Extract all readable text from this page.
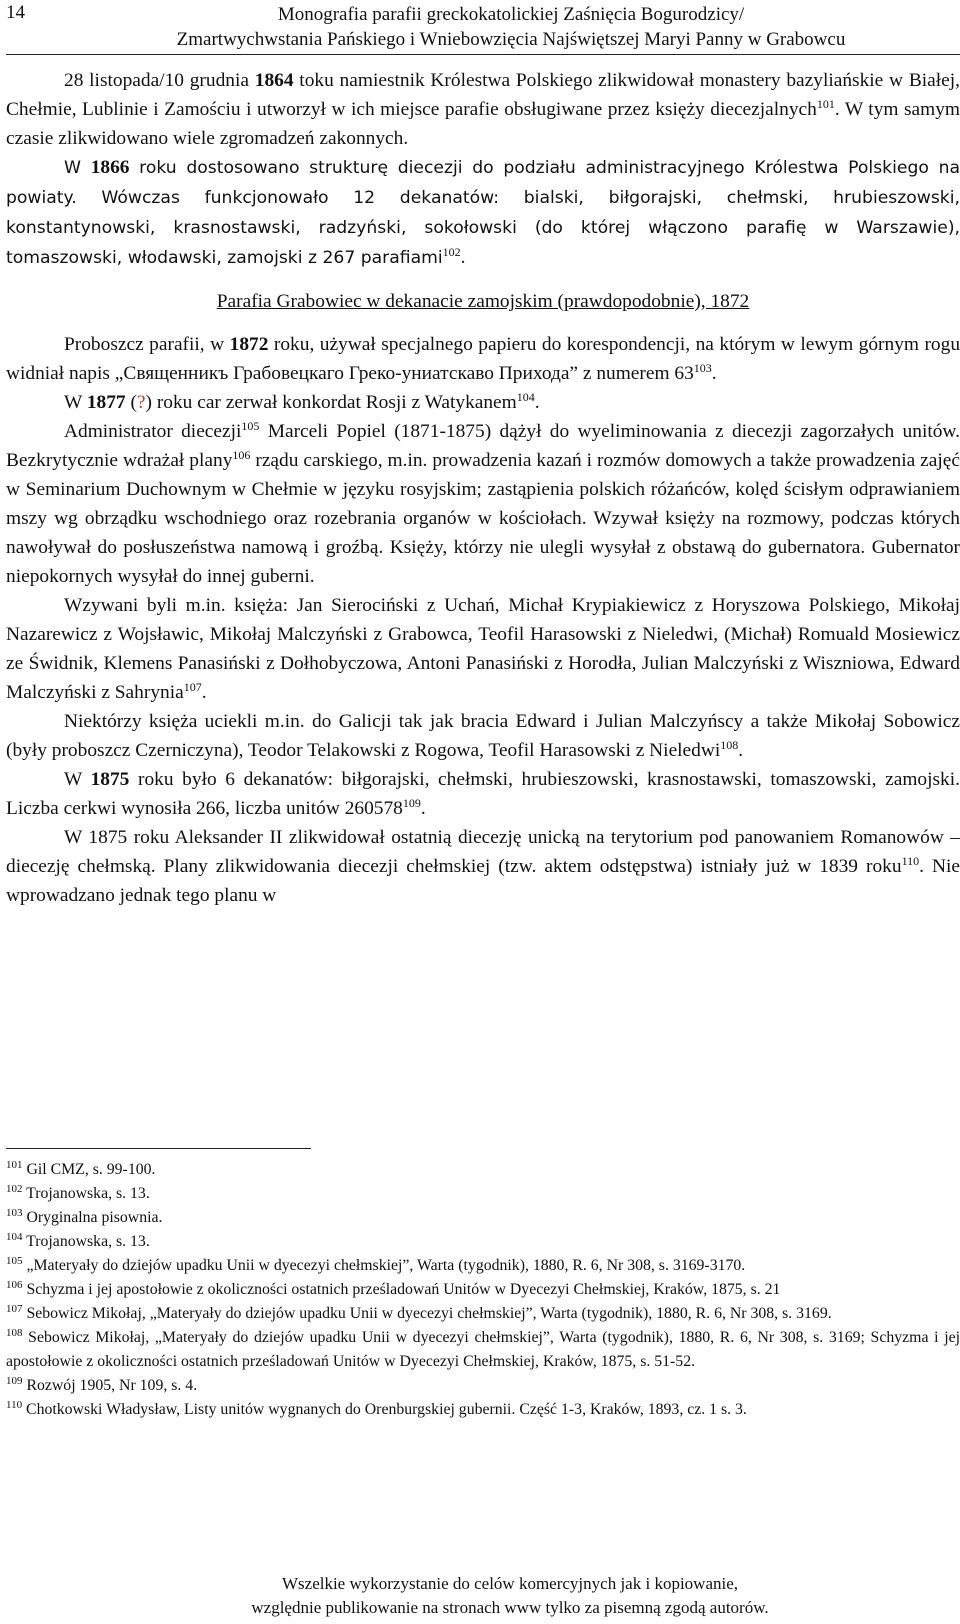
14	Monografia parafii greckokatolickiej Zaśnięcia Bogurodzicy/
Zmartwychwstania Pańskiego i Wniebowzięcia Najświętszej Maryi Panny w Grabowcu

28 listopada/10 grudnia 1864 toku namiestnik Królestwa Polskiego zlikwidował monastery bazyliańskie w Białej, Chełmie, Lublinie i Zamościu i utworzył w ich miejsce parafie obsługiwane przez księży diecezjalnych$^{101}$. W tym samym czasie zlikwidowano wiele zgromadzeń zakonnych.

W 1866 roku dostosowano strukturę diecezji do podziału administracyjnego Królestwa Polskiego na powiaty. Wówczas funkcjonowało 12 dekanatów: bialski, biłgorajski, chełmski, hrubieszowski, konstantynowski, krasnostawski, radzyński, sokołowski (do której włączono parafię w Warszawie), tomaszowski, włodawski, zamojski z 267 parafiami$^{102}$.

Parafia Grabowiec w dekanacie zamojskim (prawdopodobnie), 1872

Proboszcz parafii, w 1872 roku, używał specjalnego papieru do korespondencji, na którym w lewym górnym rogu widniał napis „Священникъ Грабовецкаго Греко-униатскаво Прихода” z numerem $63^{103}$.

W 1877 (?) roku car zerwał konkordat Rosji z Watykanem$^{104}$.

Administrator diecezji$^{105}$ Marceli Popiel (1871-1875) dążył do wyeliminowania z diecezji zagorzałych unitów. Bezkrytycznie wdrażał plany$^{106}$ rządu carskiego, m.in. prowadzenia kazań i rozmów domowych a także prowadzenia zajęć w Seminarium Duchownym w Chełmie w języku rosyjskim; zastąpienia polskich różańców, kolęd ścisłym odprawianiem mszy wg obrządku wschodniego oraz rozebrania organów w kościołach. Wzywał księży na rozmowy, podczas których nawoływał do posłuszeństwa namową i groźbą. Księży, którzy nie ulegli wysyłał z obstawą do gubernatora. Gubernator niepokornych wysyłał do innej guberni.

Wzywani byli m.in. księża: Jan Sierociński z Uchań, Michał Krypiakiewicz z Horyszowa Polskiego, Mikołaj Nazarewicz z Wojsławic, Mikołaj Malczyński z Grabowca, Teofil Harasowski z Nieledwi, (Michał) Romuald Mosiewicz ze Świdnik, Klemens Panasiński z Dołhobyczowa, Antoni Panasiński z Horodła, Julian Malczyński z Wiszniowa, Edward Malczyński z Sahrynia$^{107}$.

Niektórzy księża uciekli m.in. do Galicji tak jak bracia Edward i Julian Malczyńscy a także Mikołaj Sobowicz (były proboszcz Czerniczyna), Teodor Telakowski z Rogowa, Teofil Harasowski z Nieledwi$^{108}$.

W 1875 roku było 6 dekanatów: biłgorajski, chełmski, hrubieszowski, krasnostawski, tomaszowski, zamojski. Liczba cerkwi wynosiła 266, liczba unitów 260578$^{109}$.

W 1875 roku Aleksander II zlikwidował ostatnią diecezję unicką na terytorium pod panowaniem Romanowów – diecezję chełmską. Plany zlikwidowania diecezji chełmskiej (tzw. aktem odstępstwa) istniały już w 1839 roku$^{110}$. Nie wprowadzano jednak tego planu w

$^{101}$ Gil CMZ, s. 99-100.

$^{102}$ Trojanowska, s. 13.

$^{103}$ Oryginalna pisownia.

$^{104}$ Trojanowska, s. 13.

$^{105}$ „Materyały do dziejów upadku Unii w dyecezyi chełmskiej”, Warta (tygodnik), 1880, R. 6, Nr 308, s. 3169-3170.

$^{106}$ Schyzma i jej apostołowie z okoliczności ostatnich prześladowań Unitów w Dyecezyi Chełmskiej, Kraków, 1875, s. 21

$^{107}$ Sebowicz Mikołaj, „Materyały do dziejów upadku Unii w dyecezyi chełmskiej”, Warta (tygodnik), 1880, R. 6, Nr 308, s. 3169.

$^{108}$ Sebowicz Mikołaj, „Materyały do dziejów upadku Unii w dyecezyi chełmskiej”, Warta (tygodnik), 1880, R. 6, Nr 308, s. 3169; Schyzma i jej apostołowie z okoliczności ostatnich prześladowań Unitów w Dyecezyi Chełmskiej, Kraków, 1875, s. 51-52.

$^{109}$ Rozwój 1905, Nr 109, s. 4.

$^{110}$ Chotkowski Władysław, Listy unitów wygnanych do Orenburgskiej gubernii. Część 1-3, Kraków, 1893, cz. 1 s. 3.

Wszelkie wykorzystanie do celów komercyjnych jak i kopiowanie,
względnie publikowanie na stronach www tylko za pisemną zgodą autorów.
